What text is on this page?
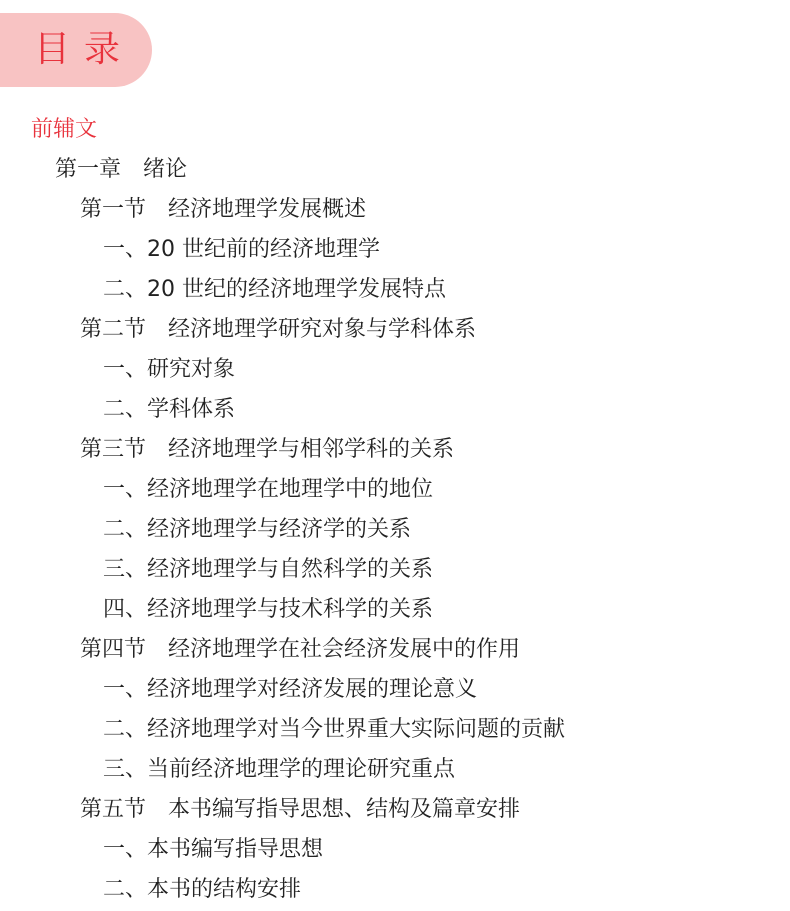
目录
前辅文
第一章　绪论
第一节　经济地理学发展概述
一、20 世纪前的经济地理学
二、20 世纪的经济地理学发展特点
第二节　经济地理学研究对象与学科体系
一、研究对象
二、学科体系
第三节　经济地理学与相邻学科的关系
一、经济地理学在地理学中的地位
二、经济地理学与经济学的关系
三、经济地理学与自然科学的关系
四、经济地理学与技术科学的关系
第四节　经济地理学在社会经济发展中的作用
一、经济地理学对经济发展的理论意义
二、经济地理学对当今世界重大实际问题的贡献
三、当前经济地理学的理论研究重点
第五节　本书编写指导思想、结构及篇章安排
一、本书编写指导思想
二、本书的结构安排
